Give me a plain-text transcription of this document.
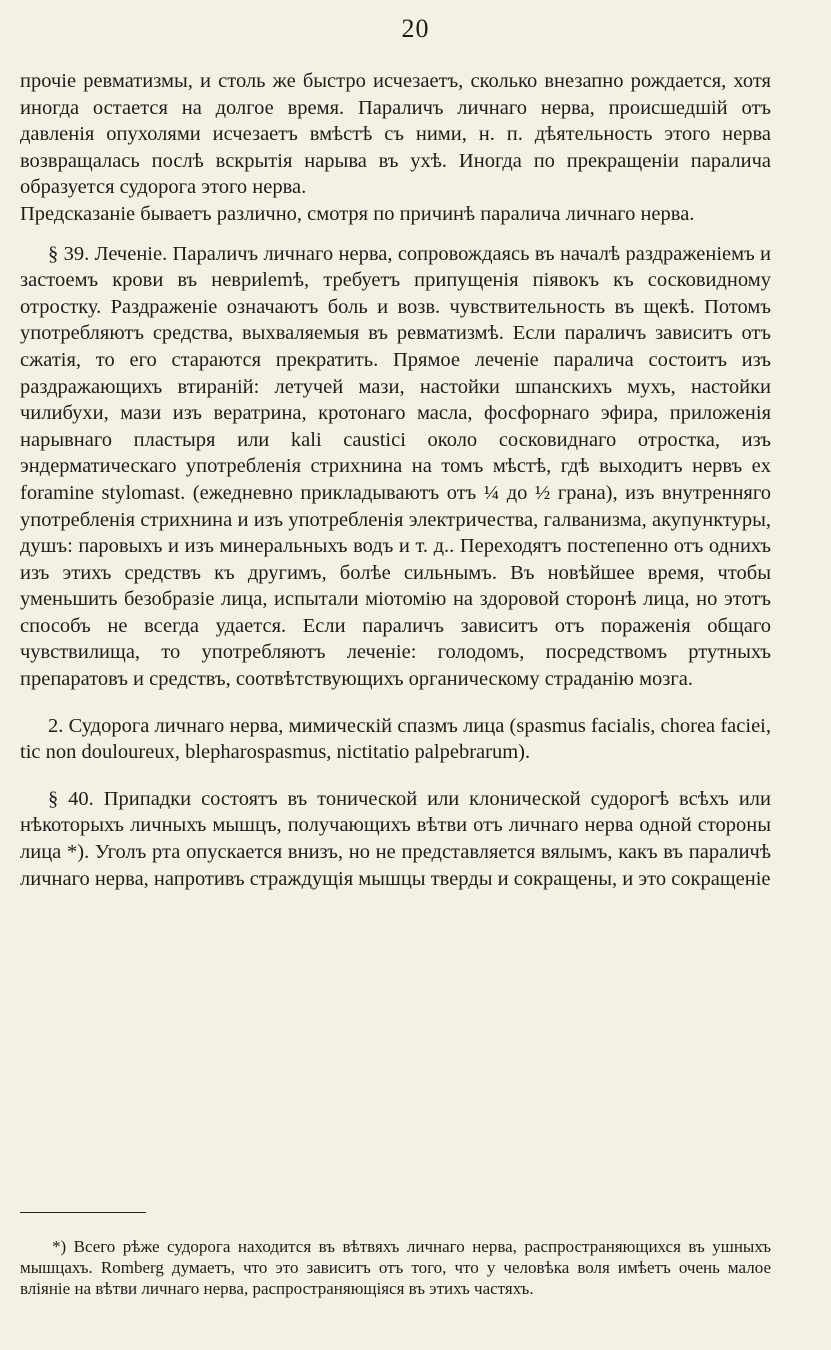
20

прочіе ревматизмы, и столь же быстро исчезаетъ, сколько внезапно рождается, хотя иногда остается на долгое время. Параличъ личнаго нерва, происшедшій отъ давленія опухолями исчезаетъ вмѣстѣ съ ними, н. п. дѣятельность этого нерва возвращалась послѣ вскрытія нарыва въ ухѣ. Иногда по прекращеніи паралича образуется судорога этого нерва.

Предсказаніе бываетъ различно, смотря по причинѣ паралича личнаго нерва.

§ 39. Леченіе. Параличъ личнаго нерва, сопровождаясь въ началѣ раздраженіемъ и застоемъ крови въ невриlemѣ, требуетъ припущенія піявокъ къ сосковидному отростку. Раздраженіе означаютъ боль и возв. чувствительность въ щекѣ. Потомъ употребляютъ средства, выхваляемыя въ ревматизмѣ. Если параличъ зависитъ отъ сжатія, то его стараются прекратить. Прямое леченіе паралича состоитъ изъ раздражающихъ втираній: летучей мази, настойки шпанскихъ мухъ, настойки чилибухи, мази изъ вератрина, кротонаго масла, фосфорнаго эфира, приложенія нарывнаго пластыря или kali caustici около сосковиднаго отростка, изъ эндерматическаго употребленія стрихнина на томъ мѣстѣ, гдѣ выходитъ нервъ ex foramine stylomast. (ежедневно прикладываютъ отъ ¼ до ½ грана), изъ внутренняго употребленія стрихнина и изъ употребленія электричества, галванизма, акупунктуры, душъ: паровыхъ и изъ минеральныхъ водъ и т. д.. Переходятъ постепенно отъ однихъ изъ этихъ средствъ къ другимъ, болѣе сильнымъ. Въ новѣйшее время, чтобы уменьшить безобразіе лица, испытали міотомію на здоровой сторонѣ лица, но этотъ способъ не всегда удается. Если параличъ зависитъ отъ пораженія общаго чувствилища, то употребляютъ леченіе: голодомъ, посредствомъ ртутныхъ препаратовъ и средствъ, соотвѣтствующихъ органическому страданію мозга.

2. Судорога личнаго нерва, мимическій спазмъ лица (spasmus facialis, chorea faciei, tic non douloureux, blepharospasmus, nictitatio palpebrarum).

§ 40. Припадки состоятъ въ тонической или клонической судорогѣ всѣхъ или нѣкоторыхъ личныхъ мышцъ, получающихъ вѣтви отъ личнаго нерва одной стороны лица *). Уголъ рта опускается внизъ, но не представляется вялымъ, какъ въ параличѣ личнаго нерва, напротивъ страждущія мышцы тверды и сокращены, и это сокращеніе

*) Всего рѣже судорога находится въ вѣтвяхъ личнаго нерва, распространяющихся въ ушныхъ мышцахъ. Romberg думаетъ, что это зависитъ отъ того, что у человѣка воля имѣетъ очень малое вліяніе на вѣтви личнаго нерва, распространяющіяся въ этихъ частяхъ.
